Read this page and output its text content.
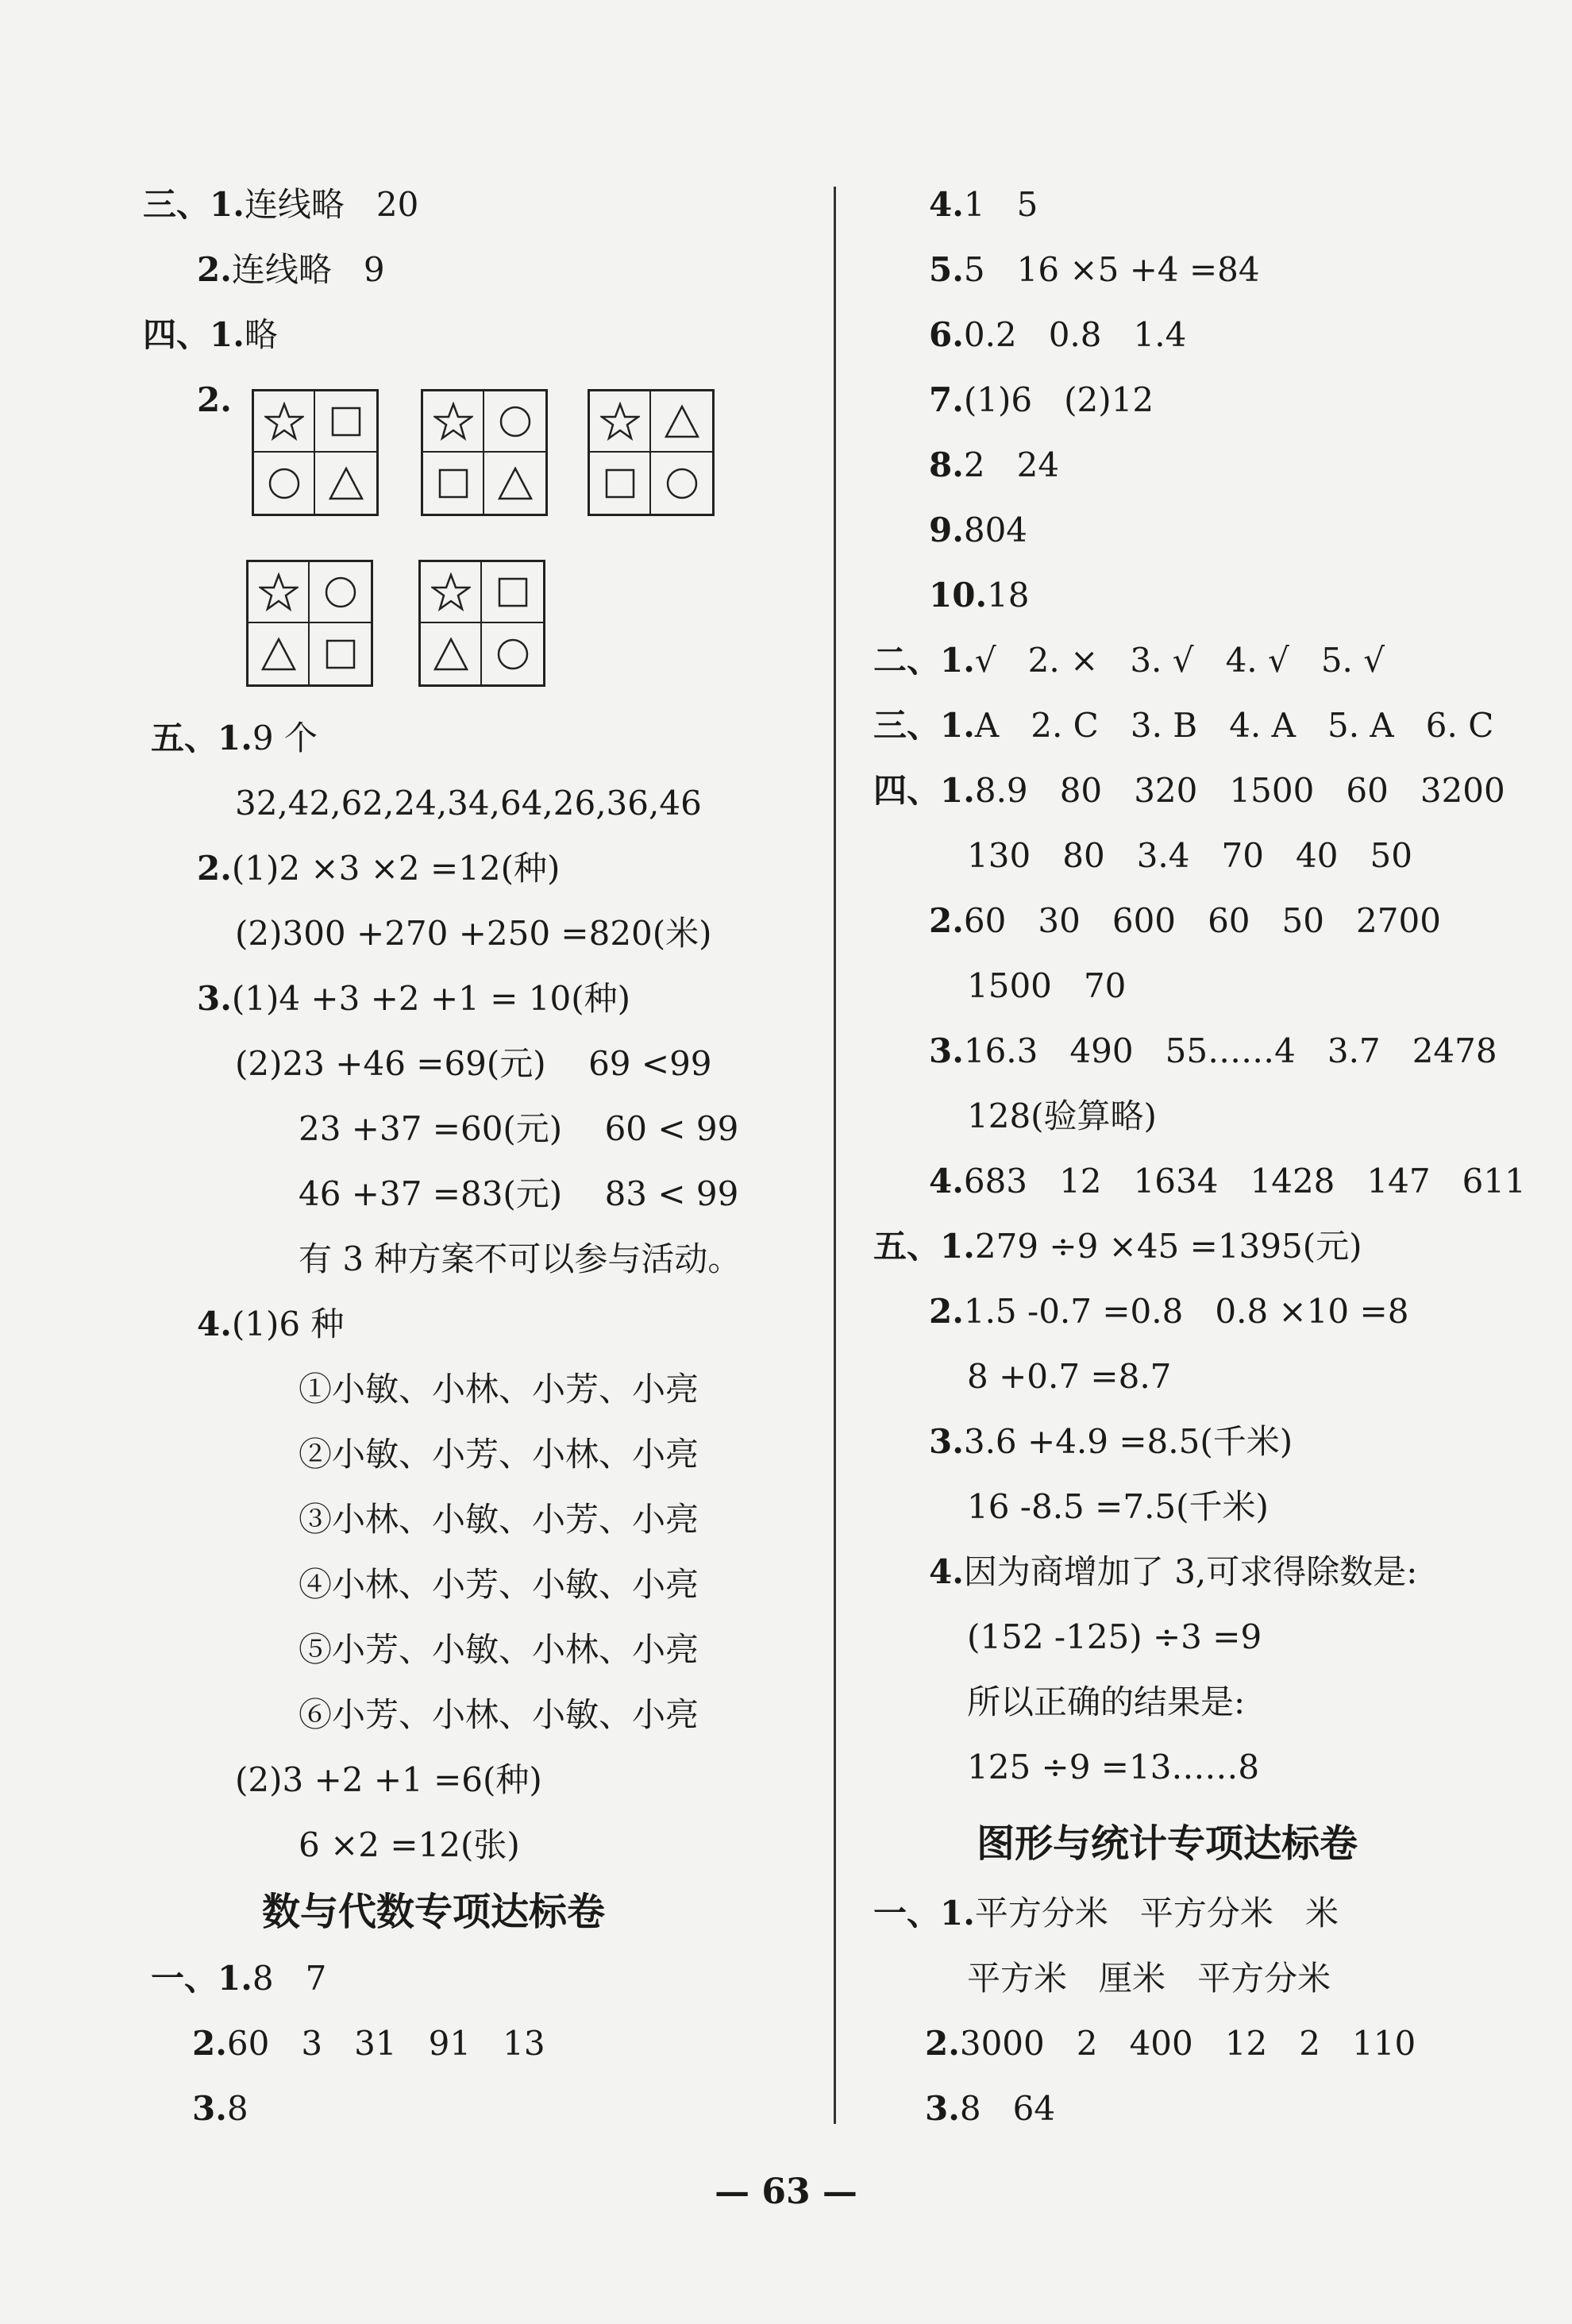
三、1.连线略   20
2.连线略   9
四、1.略
2.
五、1.9 个
32,42,62,24,34,64,26,36,46
2.(1)2 ×3 ×2 =12(种)
(2)300 +270 +250 =820(米)
3.(1)4 +3 +2 +1 = 10(种)
(2)23 +46 =69(元)    69 <99
23 +37 =60(元)    60 < 99
46 +37 =83(元)    83 < 99
有 3 种方案不可以参与活动。
4.(1)6 种
①小敏、小林、小芳、小亮
②小敏、小芳、小林、小亮
③小林、小敏、小芳、小亮
④小林、小芳、小敏、小亮
⑤小芳、小敏、小林、小亮
⑥小芳、小林、小敏、小亮
(2)3 +2 +1 =6(种)
6 ×2 =12(张)
数与代数专项达标卷
一、1.8   7
2.60   3   31   91   13
3.8
4.1   5
5.5   16 ×5 +4 =84
6.0.2   0.8   1.4
7.(1)6   (2)12
8.2   24
9.804
10.18
二、1.√   2. ×   3. √   4. √   5. √
三、1.A   2. C   3. B   4. A   5. A   6. C
四、1.8.9   80   320   1500   60   3200
130   80   3.4   70   40   50
2.60   30   600   60   50   2700
1500   70
3.16.3   490   55……4   3.7   2478
128(验算略)
4.683   12   1634   1428   147   611
五、1.279 ÷9 ×45 =1395(元)
2.1.5 -0.7 =0.8   0.8 ×10 =8
8 +0.7 =8.7
3.3.6 +4.9 =8.5(千米)
16 -8.5 =7.5(千米)
4.因为商增加了 3,可求得除数是:
(152 -125) ÷3 =9
所以正确的结果是:
125 ÷9 =13……8
图形与统计专项达标卷
一、1.平方分米   平方分米   米
平方米   厘米   平方分米
2.3000   2   400   12   2   110
3.8   64
— 63 —
